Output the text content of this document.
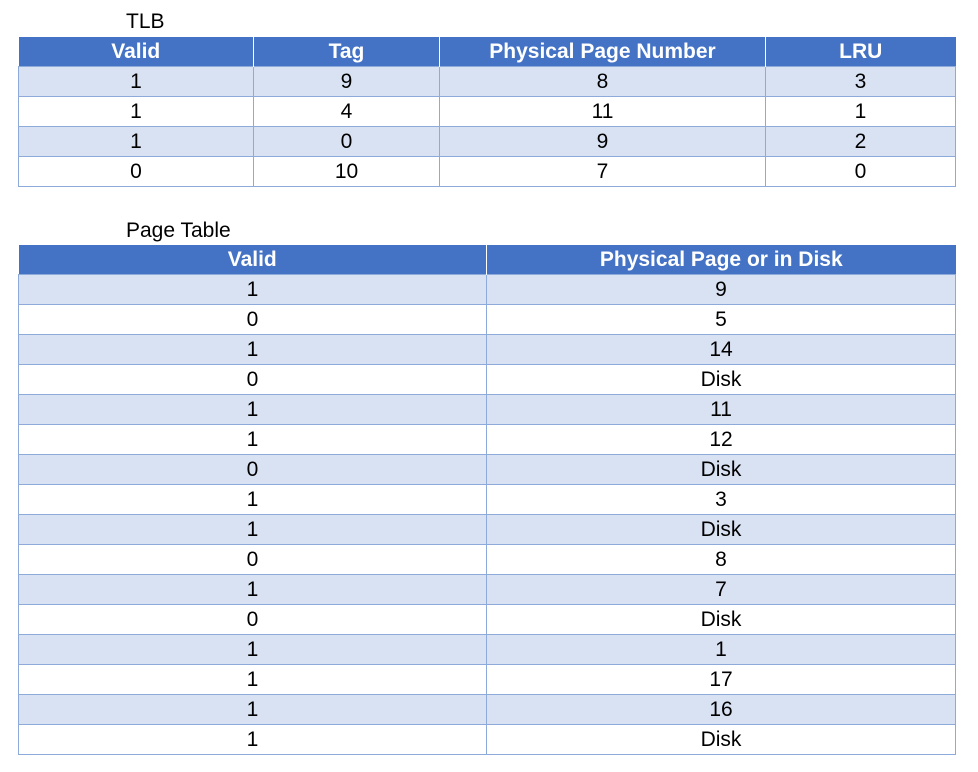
TLB
Valid	Tag	Physical Page Number	LRU
1	9	8	3
1	4	11	1
1	0	9	2
0	10	7	0
Page Table
Valid	Physical Page or in Disk
1	9
0	5
1	14
0	Disk
1	11
1	12
0	Disk
1	3
1	Disk
0	8
1	7
0	Disk
1	1
1	17
1	16
1	Disk
